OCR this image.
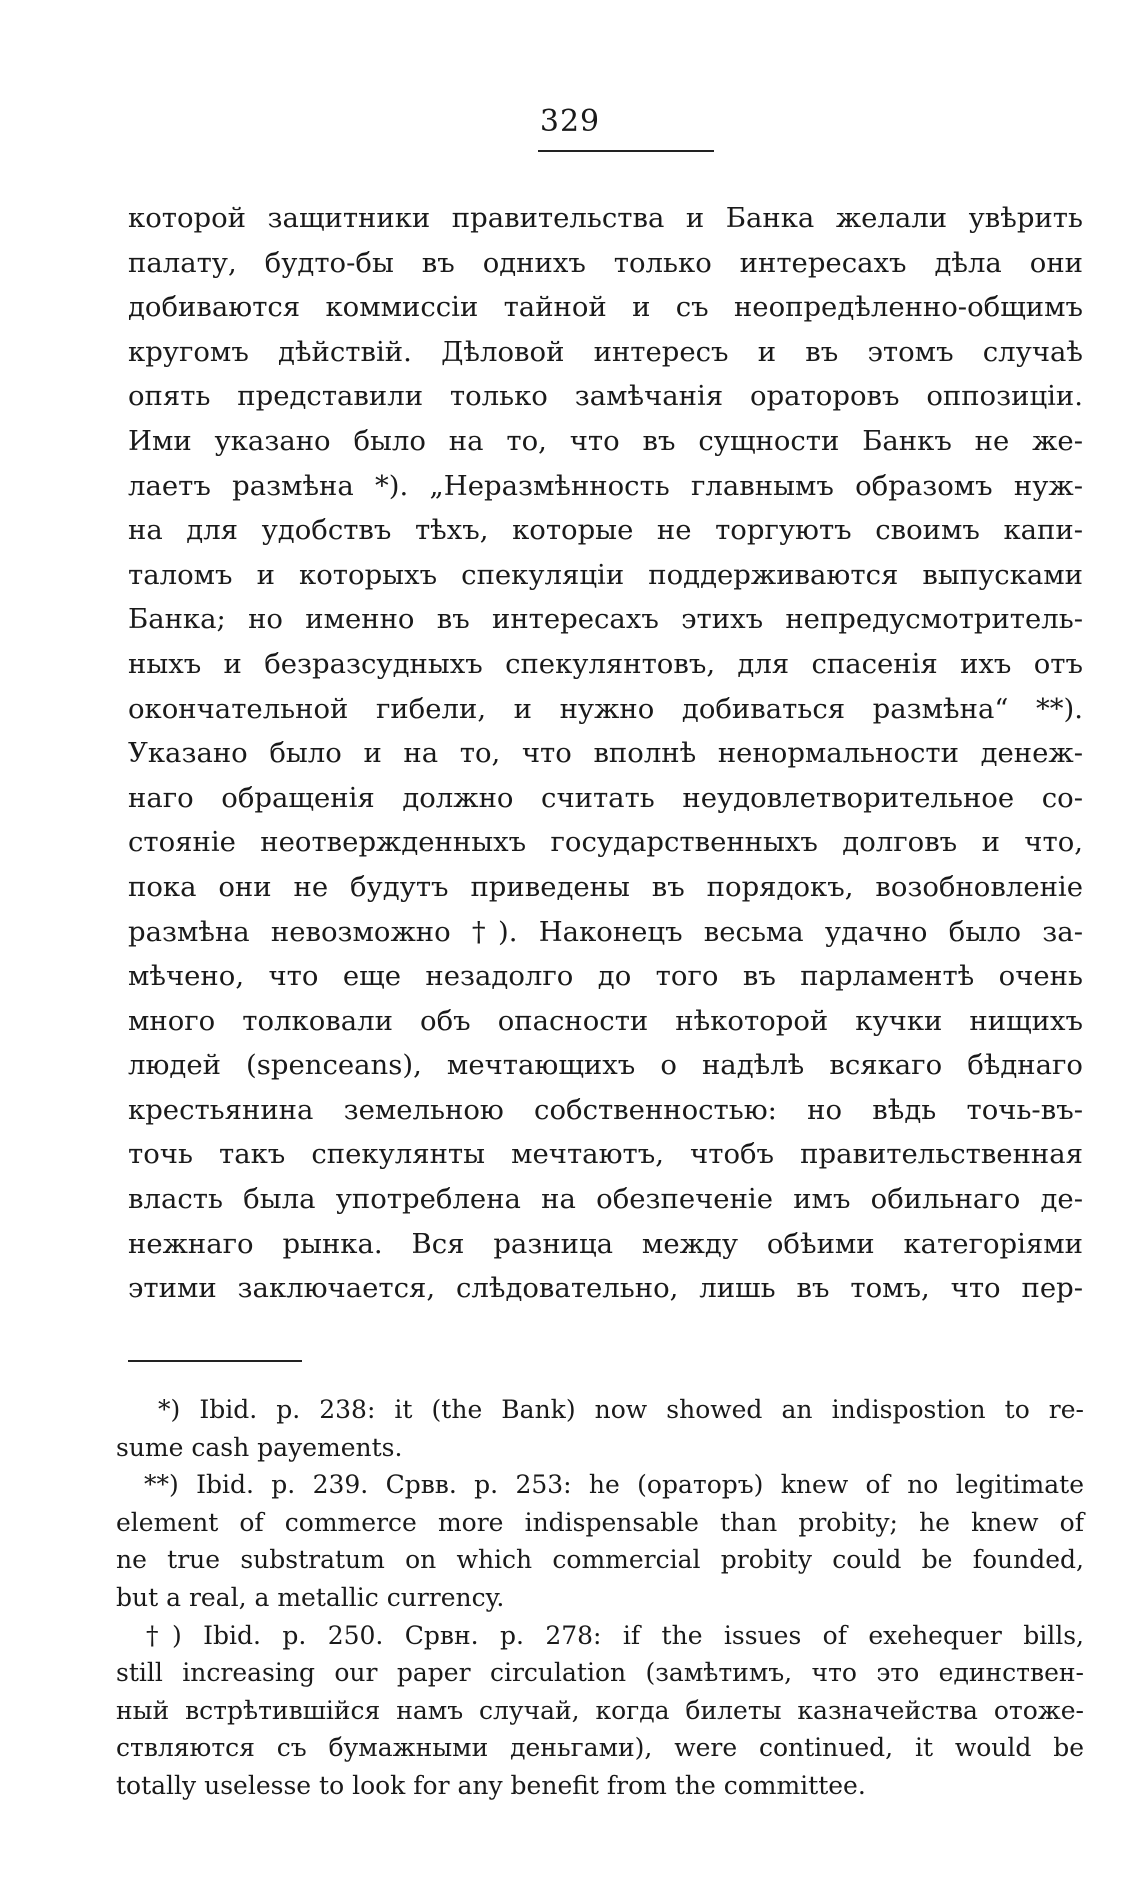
329
которой защитники правительства и Банка желали увѣрить
палату, будто-бы въ однихъ только интересахъ дѣла они
добиваются коммиссіи тайной и съ неопредѣленно-общимъ
кругомъ дѣйствій. Дѣловой интересъ и въ этомъ случаѣ
опять представили только замѣчанія ораторовъ оппозиціи.
Ими указано было на то, что въ сущности Банкъ не же-
лаетъ размѣна *). „Неразмѣнность главнымъ образомъ нуж-
на для удобствъ тѣхъ, которые не торгуютъ своимъ капи-
таломъ и которыхъ спекуляціи поддерживаются выпусками
Банка; но именно въ интересахъ этихъ непредусмотритель-
ныхъ и безразсудныхъ спекулянтовъ, для спасенія ихъ отъ
окончательной гибели, и нужно добиваться размѣна“ **).
Указано было и на то, что вполнѣ ненормальности денеж-
наго обращенія должно считать неудовлетворительное со-
стояніе неотвержденныхъ государственныхъ долговъ и что,
пока они не будутъ приведены въ порядокъ, возобновленіе
размѣна невозможно †). Наконецъ весьма удачно было за-
мѣчено, что еще незадолго до того въ парламентѣ очень
много толковали объ опасности нѣкоторой кучки нищихъ
людей (spenceans), мечтающихъ о надѣлѣ всякаго бѣднаго
крестьянина земельною собственностью: но вѣдь точь-въ-
точь такъ спекулянты мечтаютъ, чтобъ правительственная
власть была употреблена на обезпеченіе имъ обильнаго де-
нежнаго рынка. Вся разница между обѣими категоріями
этими заключается, слѣдовательно, лишь въ томъ, что пер-
*) Ibid. p. 238: it (the Bank) now showed an indispostion to re-
sume cash payements.
**) Ibid. p. 239. Срвв. p. 253: he (ораторъ) knew of no legitimate
element of commerce more indispensable than probity; he knew of
ne true substratum on which commercial probity could be founded,
but a real, a metallic currency.
†) Ibid. p. 250. Срвн. p. 278: if the issues of exehequer bills,
still increasing our paper circulation (замѣтимъ, что это единствен-
ный встрѣтившійся намъ случай, когда билеты казначейства отожe-
ствляются съ бумажными деньгами), were continued, it would be
totally uselesse to look for any benefit from the committee.
